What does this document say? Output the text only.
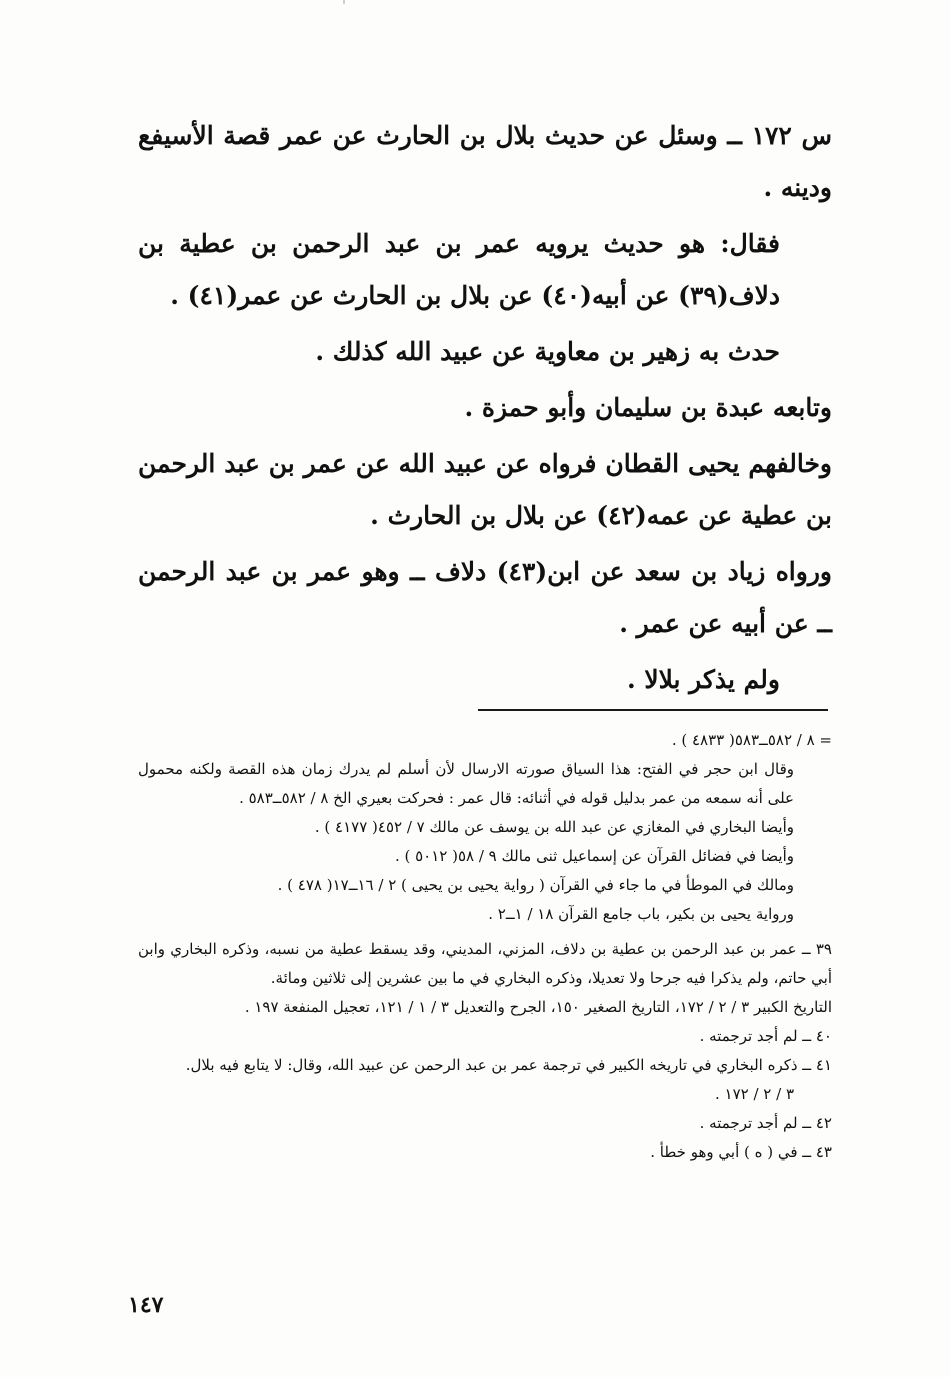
س ١٧٢ ــ وسئل عن حديث بلال بن الحارث عن عمر قصة الأسيفع ودينه .

فقال: هو حديث يرويه عمر بن عبد الرحمن بن عطية بن دلاف(٣٩) عن أبيه(٤٠) عن بلال بن الحارث عن عمر(٤١) .

حدث به زهير بن معاوية عن عبيد الله كذلك .

وتابعه عبدة بن سليمان وأبو حمزة .

وخالفهم يحيى القطان فرواه عن عبيد الله عن عمر بن عبد الرحمن بن عطية عن عمه(٤٢) عن بلال بن الحارث .

ورواه زياد بن سعد عن ابن(٤٣) دلاف ــ وهو عمر بن عبد الرحمن ــ عن أبيه عن عمر .

ولم يذكر بلالا .

= ٨ / ٥٨٢ــ٥٨٣( ٤٨٣٣ ) .

وقال ابن حجر في الفتح: هذا السياق صورته الارسال لأن أسلم لم يدرك زمان هذه القصة ولكنه محمول على أنه سمعه من عمر بدليل قوله في أثنائه: قال عمر : فحركت بعيري الخ ٨ / ٥٨٢ــ٥٨٣ .

وأيضا البخاري في المغازي عن عبد الله بن يوسف عن مالك ٧ / ٤٥٢( ٤١٧٧ ) .

وأيضا في فضائل القرآن عن إسماعيل ثنى مالك ٩ / ٥٨( ٥٠١٢ ) .

ومالك في الموطأ في ما جاء في القرآن ( رواية يحيى بن يحيى ) ٢ / ١٦ــ١٧( ٤٧٨ ) .

ورواية يحيى بن بكير، باب جامع القرآن ١٨ / ١ــ٢ .

٣٩ ــ عمر بن عبد الرحمن بن عطية بن دلاف، المزني، المديني، وقد يسقط عطية من نسبه، وذكره البخاري وابن أبي حاتم، ولم يذكرا فيه جرحا ولا تعديلا، وذكره البخاري في ما بين عشرين إلى ثلاثين ومائة.

التاريخ الكبير ٣ / ٢ / ١٧٢، التاريخ الصغير ١٥٠، الجرح والتعديل ٣ / ١ / ١٢١، تعجيل المنفعة ١٩٧ .

٤٠ ــ لم أجد ترجمته .

٤١ ــ ذكره البخاري في تاريخه الكبير في ترجمة عمر بن عبد الرحمن عن عبيد الله، وقال: لا يتابع فيه بلال.

٣ / ٢ / ١٧٢ .

٤٢ ــ لم أجد ترجمته .

٤٣ ــ في ( ه ) أبي وهو خطأ .

١٤٧
